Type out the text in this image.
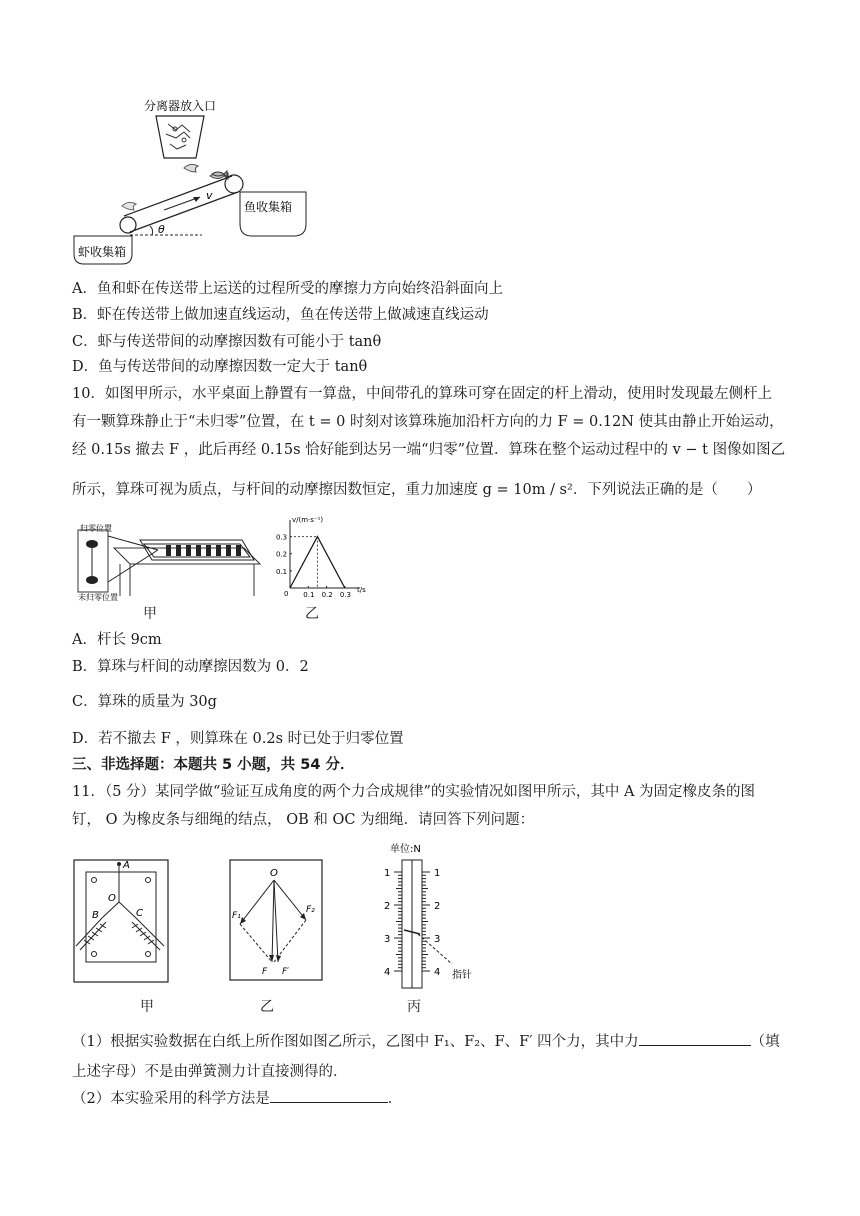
分离器放入口
v
θ
鱼收集箱
虾收集箱
A．鱼和虾在传送带上运送的过程所受的摩擦力方向始终沿斜面向上
B．虾在传送带上做加速直线运动，鱼在传送带上做减速直线运动
C．虾与传送带间的动摩擦因数有可能小于 tanθ
D．鱼与传送带间的动摩擦因数一定大于 tanθ
10．如图甲所示，水平桌面上静置有一算盘，中间带孔的算珠可穿在固定的杆上滑动，使用时发现最左侧杆上
有一颗算珠静止于“未归零”位置，在 t = 0 时刻对该算珠施加沿杆方向的力 F = 0.12N 使其由静止开始运动，
经 0.15s 撤去 F ，此后再经 0.15s 恰好能到达另一端“归零”位置．算珠在整个运动过程中的 v − t 图像如图乙
所示，算珠可视为质点，与杆间的动摩擦因数恒定，重力加速度 g = 10m / s²．下列说法正确的是（　　）
归零位置
未归零位置
甲
v/(m·s⁻¹)
t/s
0 0.1 0.2 0.3
0.1
0.2
0.3
乙
A．杆长 9cm
B．算珠与杆间的动摩擦因数为 0．2
C．算珠的质量为 30g
D．若不撤去 F ，则算珠在 0.2s 时已处于归零位置
三、非选择题：本题共 5 小题，共 54 分．
11．（5 分）某同学做“验证互成角度的两个力合成规律”的实验情况如图甲所示，其中 A 为固定橡皮条的图
钉， O 为橡皮条与细绳的结点， OB 和 OC 为细绳．请回答下列问题：
A
O
B	C
甲
O
F₁
F₂
F F′
乙
单位:N
指针
1	1
2	2
3	3
4	4
丙
（1）根据实验数据在白纸上所作图如图乙所示，乙图中 F₁、F₂、F、F′ 四个力，其中力	（填
上述字母）不是由弹簧测力计直接测得的．
（2）本实验采用的科学方法是	．
